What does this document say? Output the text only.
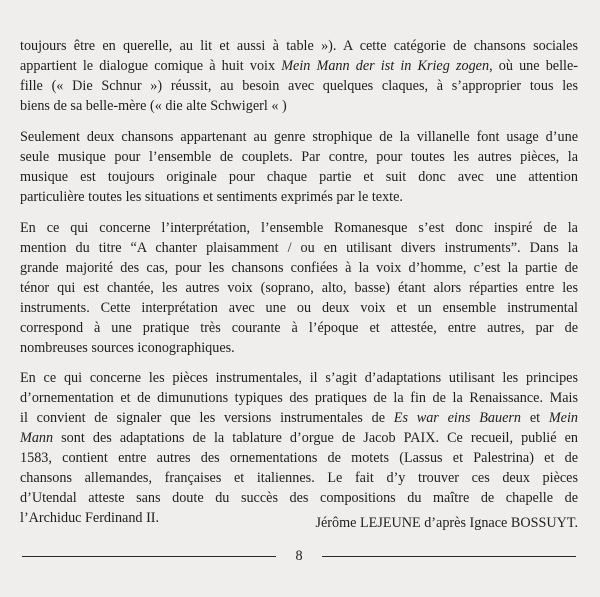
toujours être en querelle, au lit et aussi à table »). A cette catégorie de chansons sociales
appartient le dialogue comique à huit voix Mein Mann der ist in Krieg zogen, où une belle-
fille (« Die Schnur ») réussit, au besoin avec quelques claques, à s’approprier tous les
biens de sa belle-mère (« die alte Schwigerl « )
Seulement deux chansons appartenant au genre strophique de la villanelle font usage d’une
seule musique pour l’ensemble de couplets. Par contre, pour toutes les autres pièces, la
musique est toujours originale pour chaque partie et suit donc avec une attention
particulière toutes les situations et sentiments exprimés par le texte.
En ce qui concerne l’interprétation, l’ensemble Romanesque s’est donc inspiré de la
mention du titre “A chanter plaisamment / ou en utilisant divers instruments”. Dans la
grande majorité des cas, pour les chansons confiées à la voix d’homme, c’est la partie de
ténor qui est chantée, les autres voix (soprano, alto, basse) étant alors réparties entre les
instruments. Cette interprétation avec une ou deux voix et un ensemble instrumental
correspond à une pratique très courante à l’époque et attestée, entre autres, par de
nombreuses sources iconographiques.
En ce qui concerne les pièces instrumentales, il s’agit d’adaptations utilisant les principes
d’ornementation et de dimunutions typiques des pratiques de la fin de la Renaissance. Mais
il convient de signaler que les versions instrumentales de Es war eins Bauern et Mein
Mann sont des adaptations de la tablature d’orgue de Jacob PAIX. Ce recueil, publié en
1583, contient entre autres des ornementations de motets (Lassus et Palestrina) et de
chansons allemandes, françaises et italiennes. Le fait d’y trouver ces deux pièces
d’Utendal atteste sans doute du succès des compositions du maître de chapelle de
l’Archiduc Ferdinand II.	Jérôme LEJEUNE d’après Ignace BOSSUYT.

8
